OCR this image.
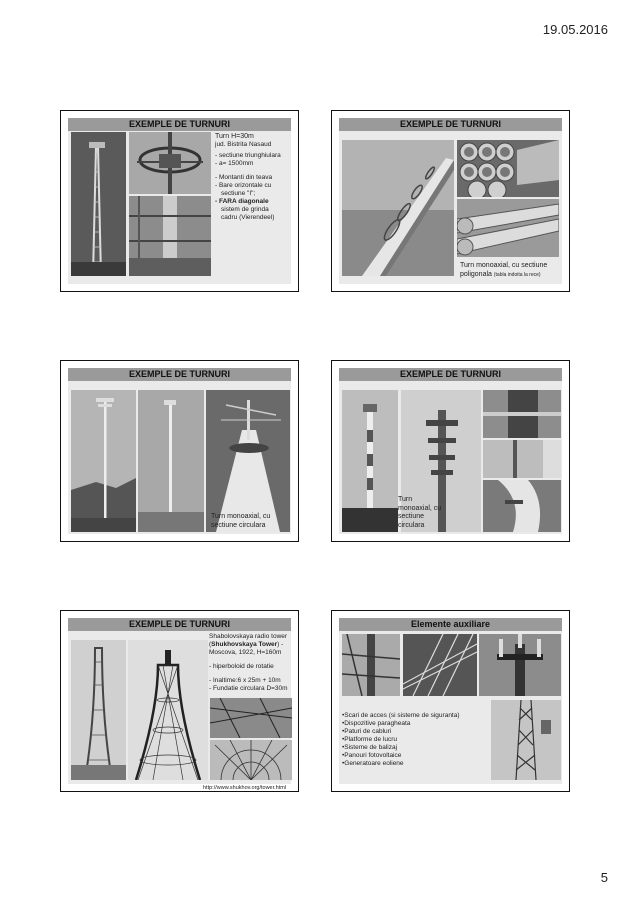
19.05.2016
EXEMPLE DE TURNURI
Turn H=30m
jud. Bistrita Nasaud
- sectiune triunghiulara
- a= 1500mm
- Montanti din teava
- Bare orizontale cu
sectiune "I";
- FARA diagonale
sistem de grinda
cadru (Vierendeel)
EXEMPLE DE TURNURI
Turn monoaxial, cu sectiune poligonala (tabla indoita la rece)
EXEMPLE DE TURNURI
Turn monoaxial, cu sectiune circulara
EXEMPLE DE TURNURI
Turn monoaxial, cu sectiune circulara
EXEMPLE DE TURNURI
Shabolovskaya radio tower
(Shukhovskaya Tower) -
Moscova, 1922, H=160m
- hiperboloid de rotatie
- Inaltime:6 x 25m + 10m
- Fundatie circulara D=30m
http://www.shukhov.org/tower.html
Elemente auxiliare
•Scari de acces (si sisteme de siguranta)
•Dispozitive paragheata
•Paturi de cabluri
•Platforme de lucru
•Sisteme de balizaj
•Panouri fotovoltaice
•Generatoare eoliene
5
